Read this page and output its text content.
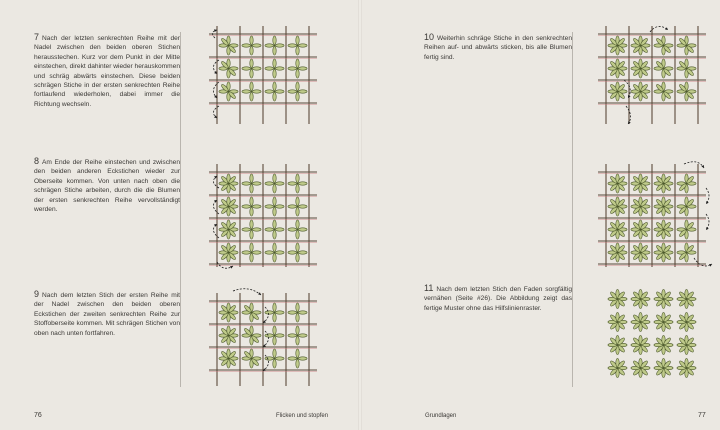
7 Nach der letzten senkrechten Reihe mit der Nadel zwischen den beiden oberen Stichen herausstechen. Kurz vor dem Punkt in der Mitte einstechen, direkt dahinter wieder herauskommen und schräg abwärts einstechen. Diese beiden schrägen Stiche in der ersten senkrechten Reihe fortlaufend wiederholen, dabei immer die Richtung wechseln.
8 Am Ende der Reihe einstechen und zwischen den beiden anderen Eckstichen wieder zur Oberseite kommen. Von unten nach oben die schrägen Stiche arbeiten, durch die die Blumen der ersten senkrechten Reihe vervollständigt werden.
9 Nach dem letzten Stich der ersten Reihe mit der Nadel zwischen den beiden oberen Eckstichen der zweiten senkrechten Reihe zur Stoffoberseite kommen. Mit schrägen Stichen von oben nach unten fortfahren.
76	Flicken und stopfen
10 Weiterhin schräge Stiche in den senkrechten Reihen auf- und abwärts sticken, bis alle Blumen fertig sind.
11 Nach dem letzten Stich den Faden sorgfältig vernähen (Seite #26). Die Abbildung zeigt das fertige Muster ohne das Hilfslinienraster.
Grundlagen	77
